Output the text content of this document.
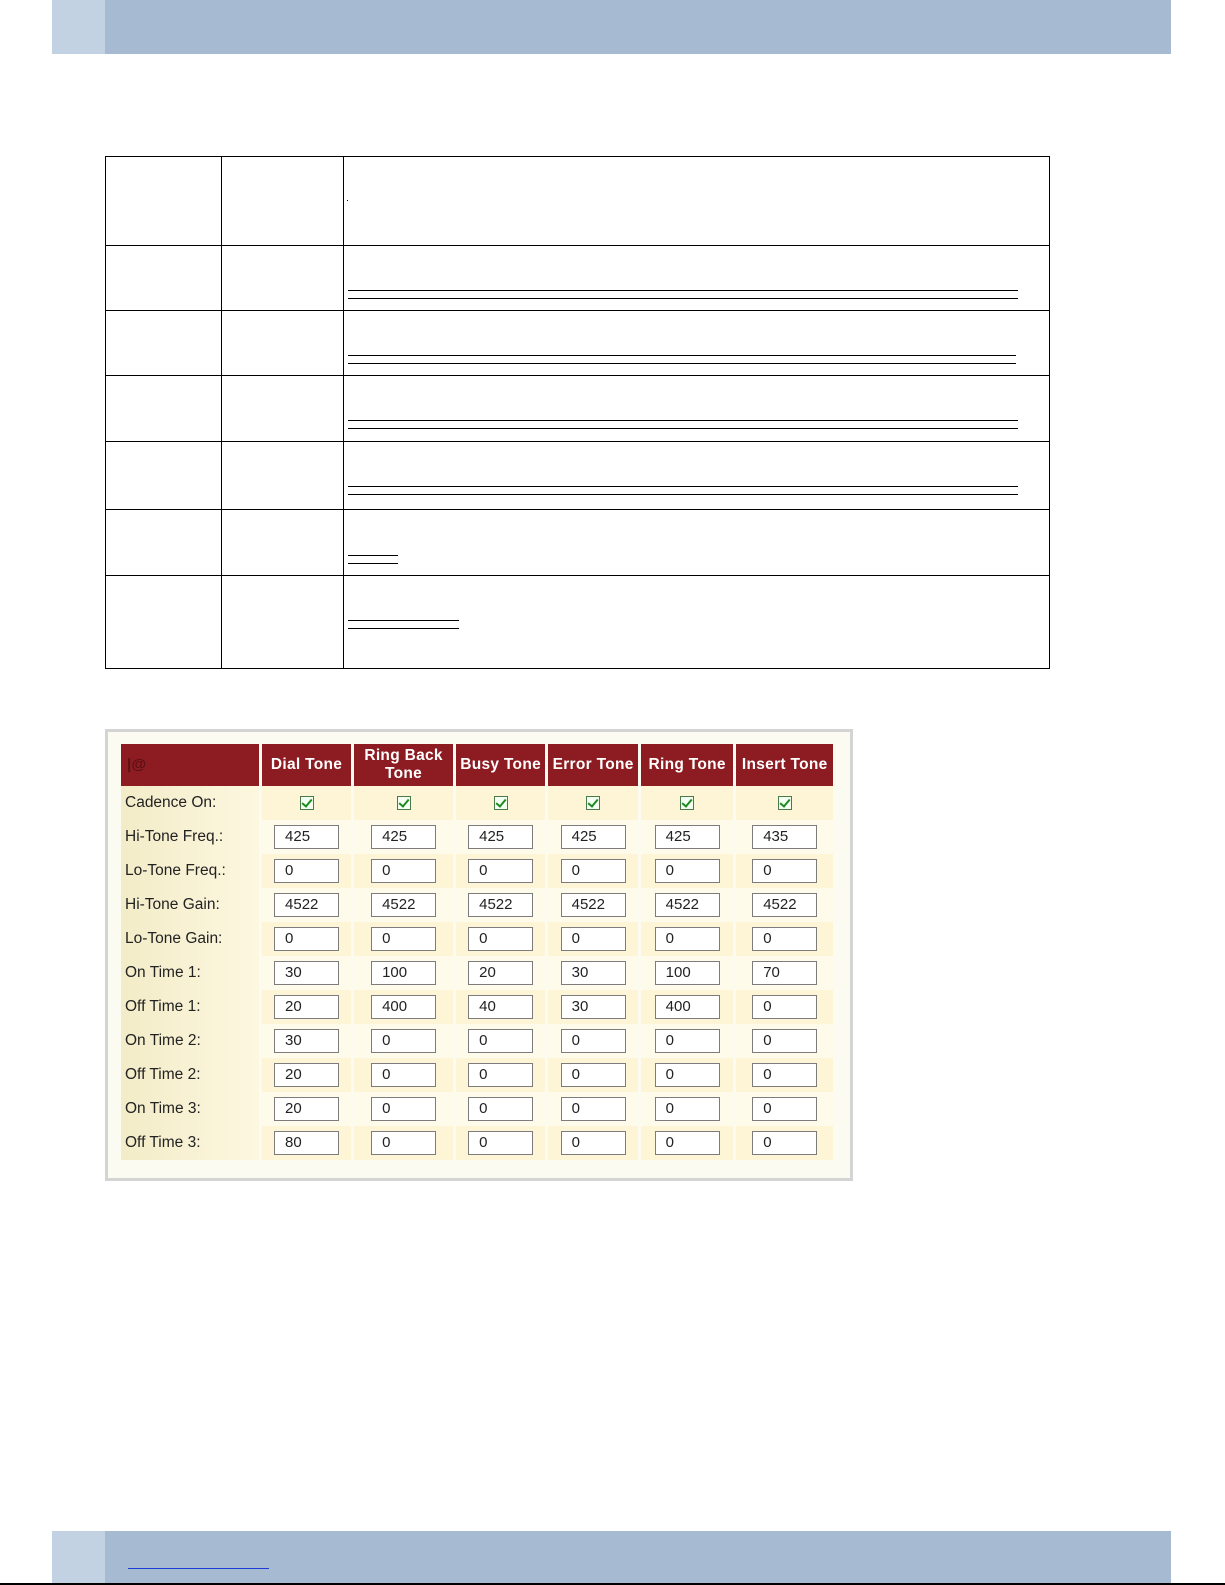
|@	Dial Tone	Ring Back Tone	Busy Tone	Error Tone	Ring Tone	Insert Tone
Cadence On:						
Hi-Tone Freq.:	425	425	425	425	425	435
Lo-Tone Freq.:	0	0	0	0	0	0
Hi-Tone Gain:	4522	4522	4522	4522	4522	4522
Lo-Tone Gain:	0	0	0	0	0	0
On Time 1:	30	100	20	30	100	70
Off Time 1:	20	400	40	30	400	0
On Time 2:	30	0	0	0	0	0
Off Time 2:	20	0	0	0	0	0
On Time 3:	20	0	0	0	0	0
Off Time 3:	80	0	0	0	0	0
